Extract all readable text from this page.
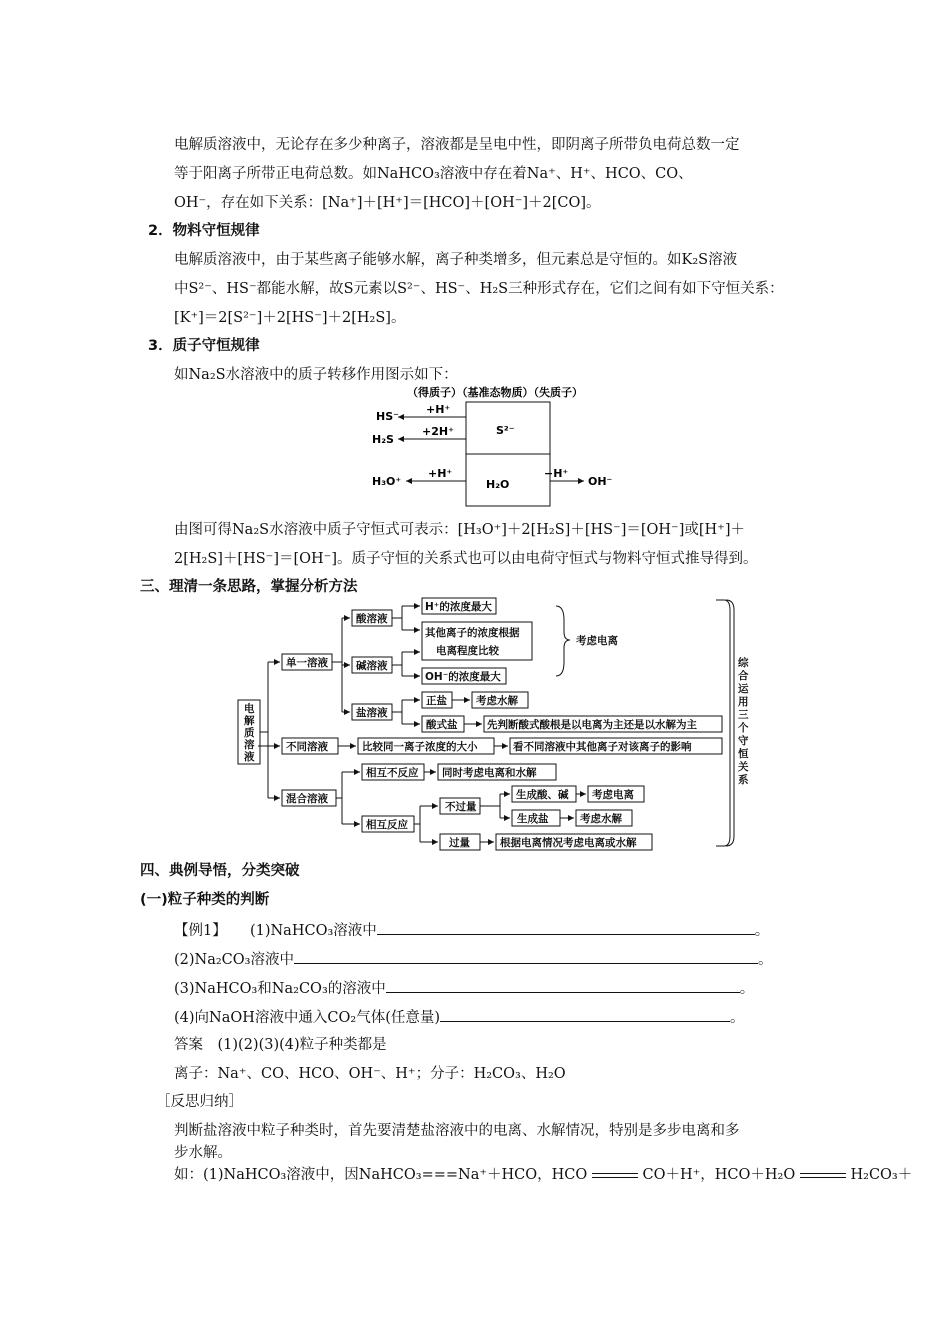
电解质溶液中，无论存在多少种离子，溶液都是呈电中性，即阴离子所带负电荷总数一定
等于阳离子所带正电荷总数。如NaHCO₃溶液中存在着Na⁺、H⁺、HCO、CO、
OH⁻，存在如下关系：[Na⁺]＋[H⁺]＝[HCO]＋[OH⁻]＋2[CO]。
2．物料守恒规律
电解质溶液中，由于某些离子能够水解，离子种类增多，但元素总是守恒的。如K₂S溶液
中S²⁻、HS⁻都能水解，故S元素以S²⁻、HS⁻、H₂S三种形式存在，它们之间有如下守恒关系：
[K⁺]＝2[S²⁻]＋2[HS⁻]＋2[H₂S]。
3．质子守恒规律
如Na₂S水溶液中的质子转移作用图示如下：
（得质子）（基准态物质）（失质子）
S²⁻
H₂O
HS⁻
H₂S
H₃O⁺
+H⁺
+2H⁺
+H⁺	−H⁺
OH⁻
由图可得Na₂S水溶液中质子守恒式可表示：[H₃O⁺]＋2[H₂S]＋[HS⁻]＝[OH⁻]或[H⁺]＋
2[H₂S]＋[HS⁻]＝[OH⁻]。质子守恒的关系式也可以由电荷守恒式与物料守恒式推导得到。
三、理清一条思路，掌握分析方法
电
解
质
溶
液
单一溶液
不同溶液
混合溶液
酸溶液
碱溶液
盐溶液
H⁺的浓度最大
其他离子的浓度根据
电离程度比较
考虑电离
OH⁻的浓度最大
正盐	考虑水解
酸式盐	先判断酸式酸根是以电离为主还是以水解为主
比较同一离子浓度的大小	看不同溶液中其他离子对该离子的影响
相互不反应 同时考虑电离和水解
相互反应
不过量
生成酸、碱 考虑电离
生成盐	考虑水解
过量	根据电离情况考虑电离或水解
综
合
运
用
三
个
守
恒
关
系
四、典例导悟，分类突破
(一)粒子种类的判断
【例1】 (1)NaHCO₃溶液中	。
(2)Na₂CO₃溶液中	。
(3)NaHCO₃和Na₂CO₃的溶液中	。
(4)向NaOH溶液中通入CO₂气体(任意量)	。
答案　(1)(2)(3)(4)粒子种类都是
离子：Na⁺、CO、HCO、OH⁻、H⁺；分子：H₂CO₃、H₂O
［反思归纳］
判断盐溶液中粒子种类时，首先要清楚盐溶液中的电离、水解情况，特别是多步电离和多
步水解。
如：(1)NaHCO₃溶液中，因NaHCO₃===Na⁺＋HCO，HCO	CO＋H⁺，HCO＋H₂O	H₂CO₃＋
